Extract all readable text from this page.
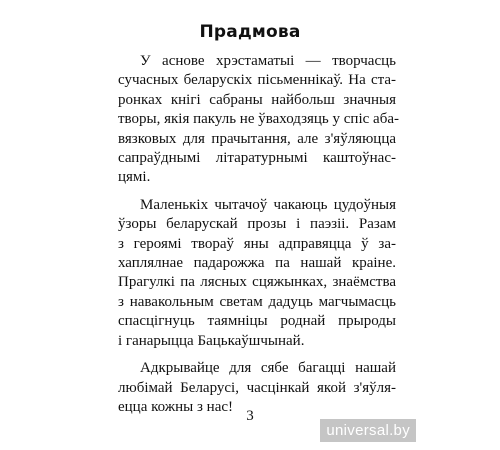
Прадмова

У аснове хрэстаматыі — творчасць
сучасных беларускіх пісьменнікаў. На ста-
ронках кнігі сабраны найбольш значныя
творы, якія пакуль не ўваходзяць у спіс аба-
вязковых для прачытання, але з'яўляюцца
сапраўднымі літаратурнымі каштоўнас-
цямі.

Маленькіх чытачоў чакаюць цудоўныя
ўзоры беларускай прозы і паэзіі. Разам
з героямі твораў яны адправяцца ў за-
хаплялнае падарожжа па нашай краіне.
Прагулкі па лясных сцяжынках, знаёмства
з навакольным светам дадуць магчымасць
спасцігнуць таямніцы роднай прыроды
і ганарыцца Бацькаўшчынай.

Адкрывайце для сябе багацці нашай
любімай Беларусі, часцінкай якой з'яўля-
ецца кожны з нас!

3
universal.by
